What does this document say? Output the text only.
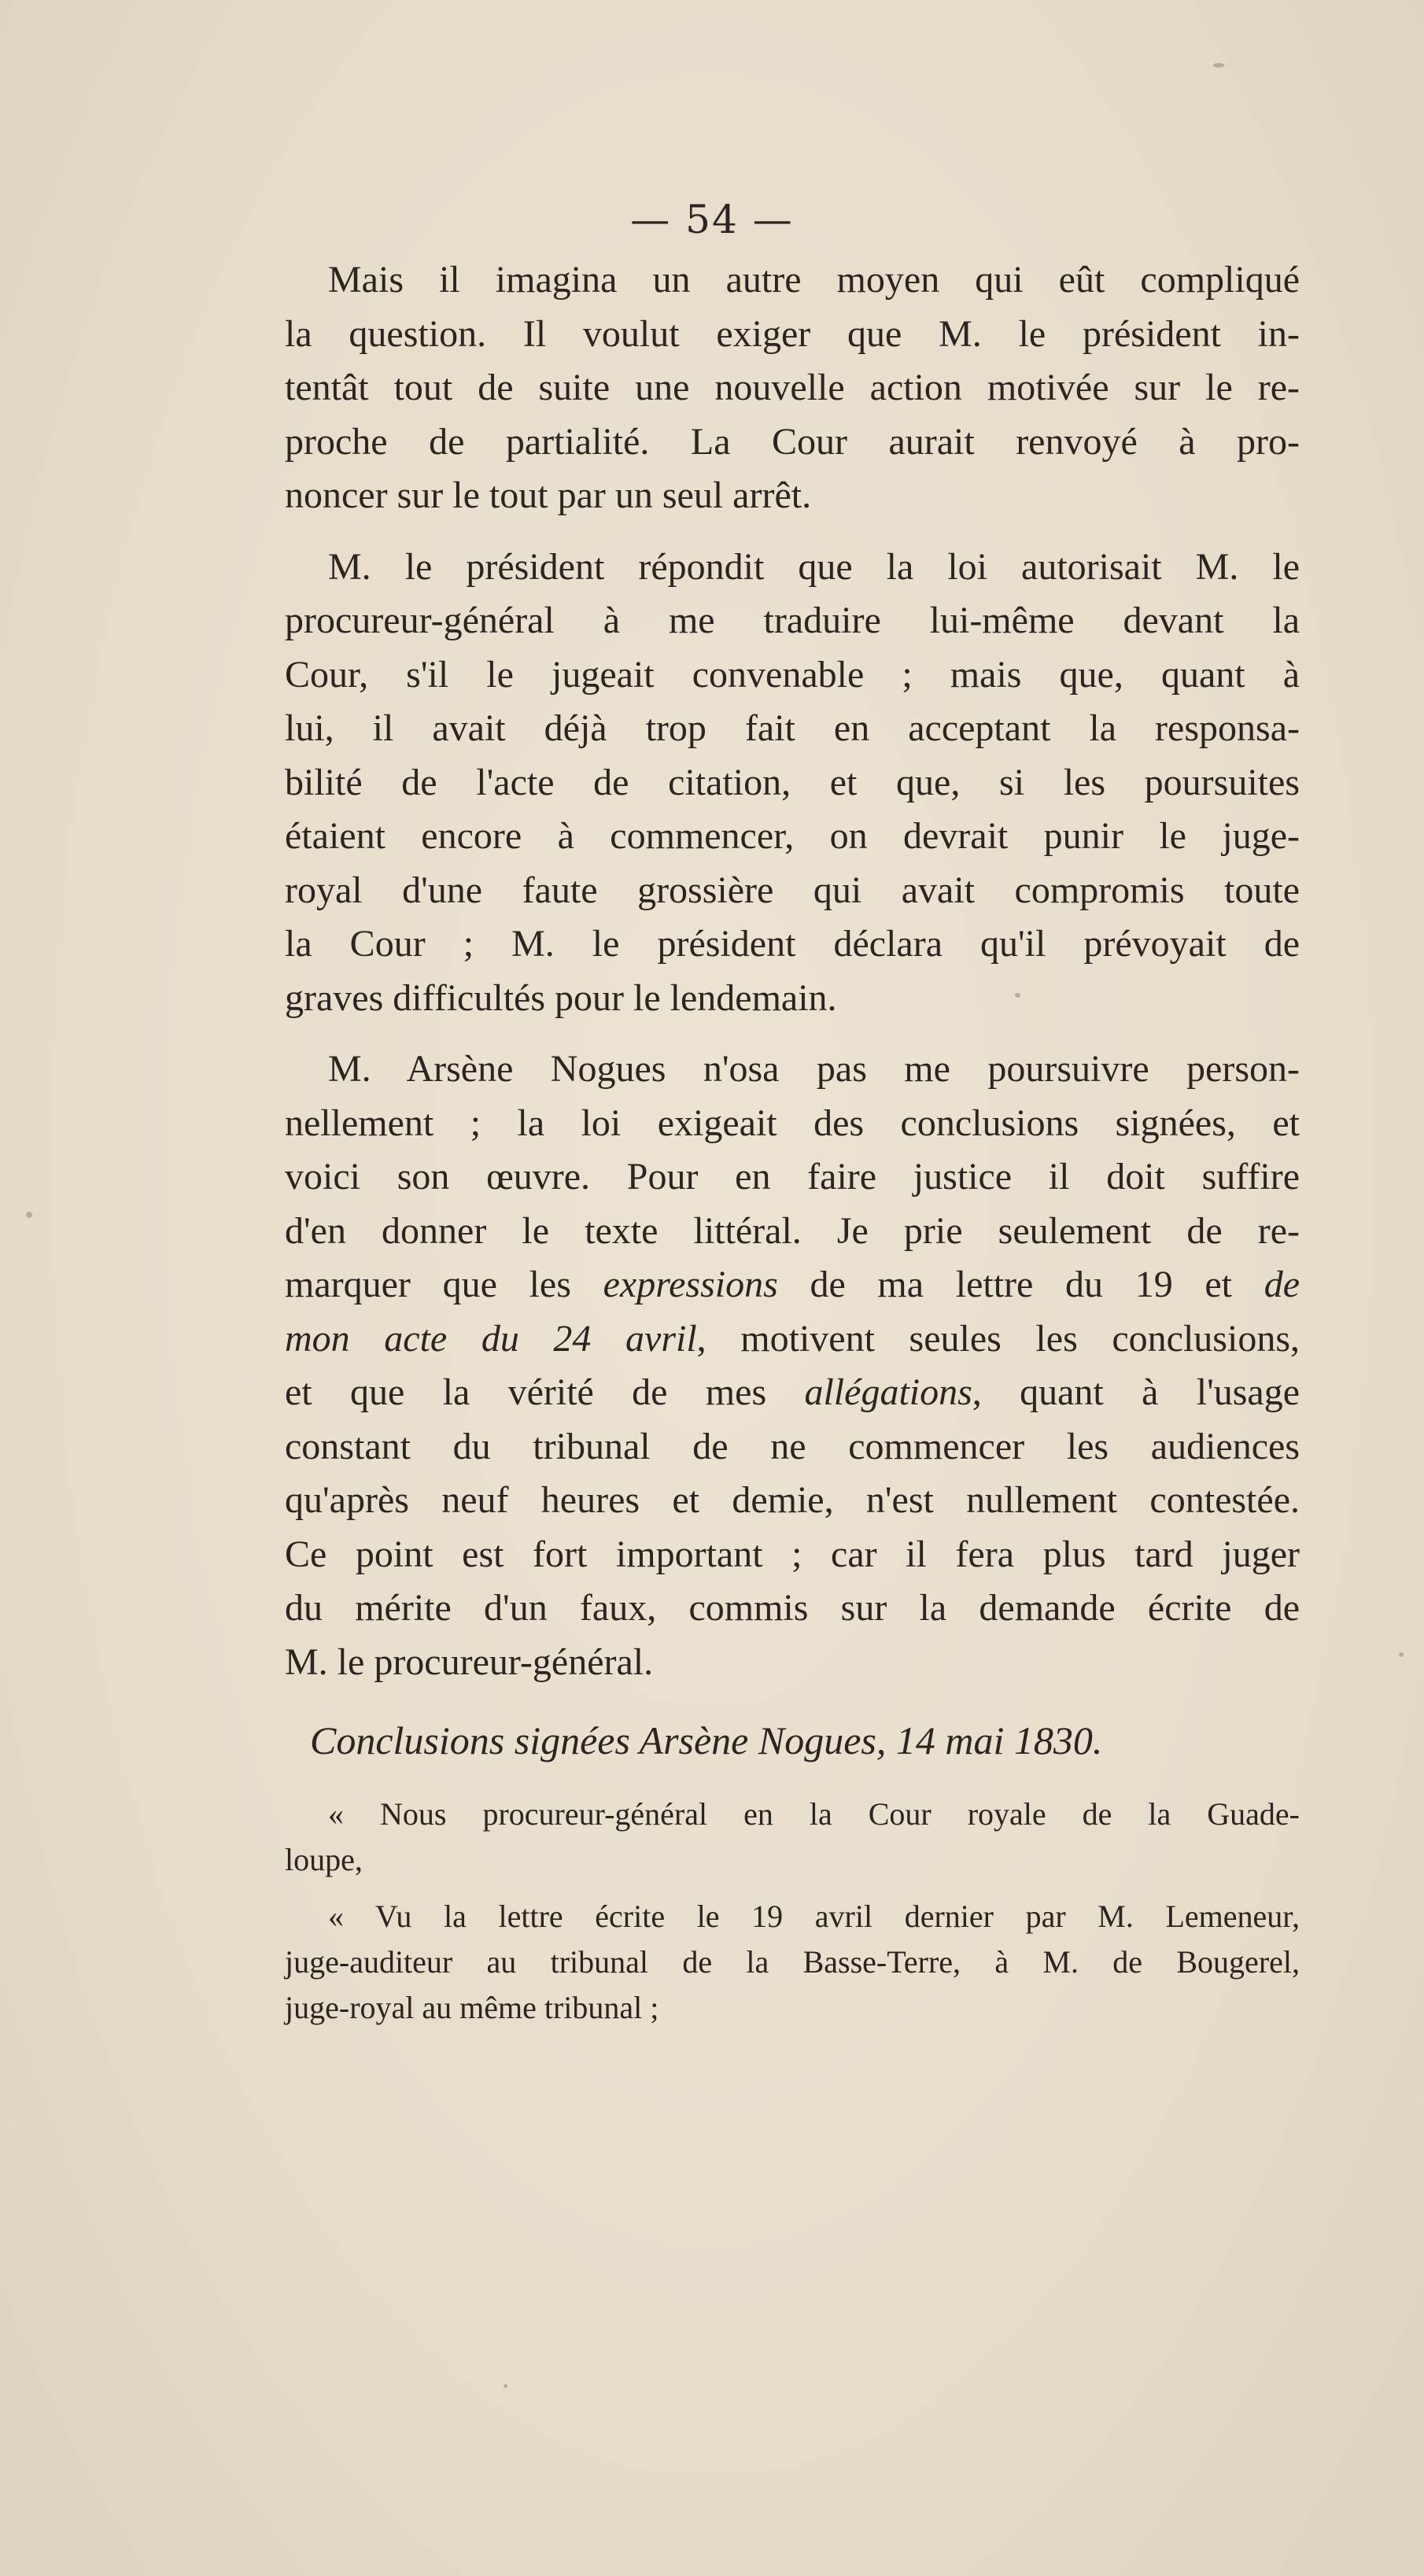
— 54 —
Mais il imagina un autre moyen qui eût compliqué
la question. Il voulut exiger que M. le président in-
tentât tout de suite une nouvelle action motivée sur le re-
proche de partialité. La Cour aurait renvoyé à pro-
noncer sur le tout par un seul arrêt.
M. le président répondit que la loi autorisait M. le
procureur-général à me traduire lui-même devant la
Cour, s'il le jugeait convenable ; mais que, quant à
lui, il avait déjà trop fait en acceptant la responsa-
bilité de l'acte de citation, et que, si les poursuites
étaient encore à commencer, on devrait punir le juge-
royal d'une faute grossière qui avait compromis toute
la Cour ; M. le président déclara qu'il prévoyait de
graves difficultés pour le lendemain.
M. Arsène Nogues n'osa pas me poursuivre person-
nellement ; la loi exigeait des conclusions signées, et
voici son œuvre. Pour en faire justice il doit suffire
d'en donner le texte littéral. Je prie seulement de re-
marquer que les expressions de ma lettre du 19 et de
mon acte du 24 avril, motivent seules les conclusions,
et que la vérité de mes allégations, quant à l'usage
constant du tribunal de ne commencer les audiences
qu'après neuf heures et demie, n'est nullement contestée.
Ce point est fort important ; car il fera plus tard juger
du mérite d'un faux, commis sur la demande écrite de
M. le procureur-général.
Conclusions signées Arsène Nogues, 14 mai 1830.
« Nous procureur-général en la Cour royale de la Guade-
loupe,
« Vu la lettre écrite le 19 avril dernier par M. Lemeneur,
juge-auditeur au tribunal de la Basse-Terre, à M. de Bougerel,
juge-royal au même tribunal ;
